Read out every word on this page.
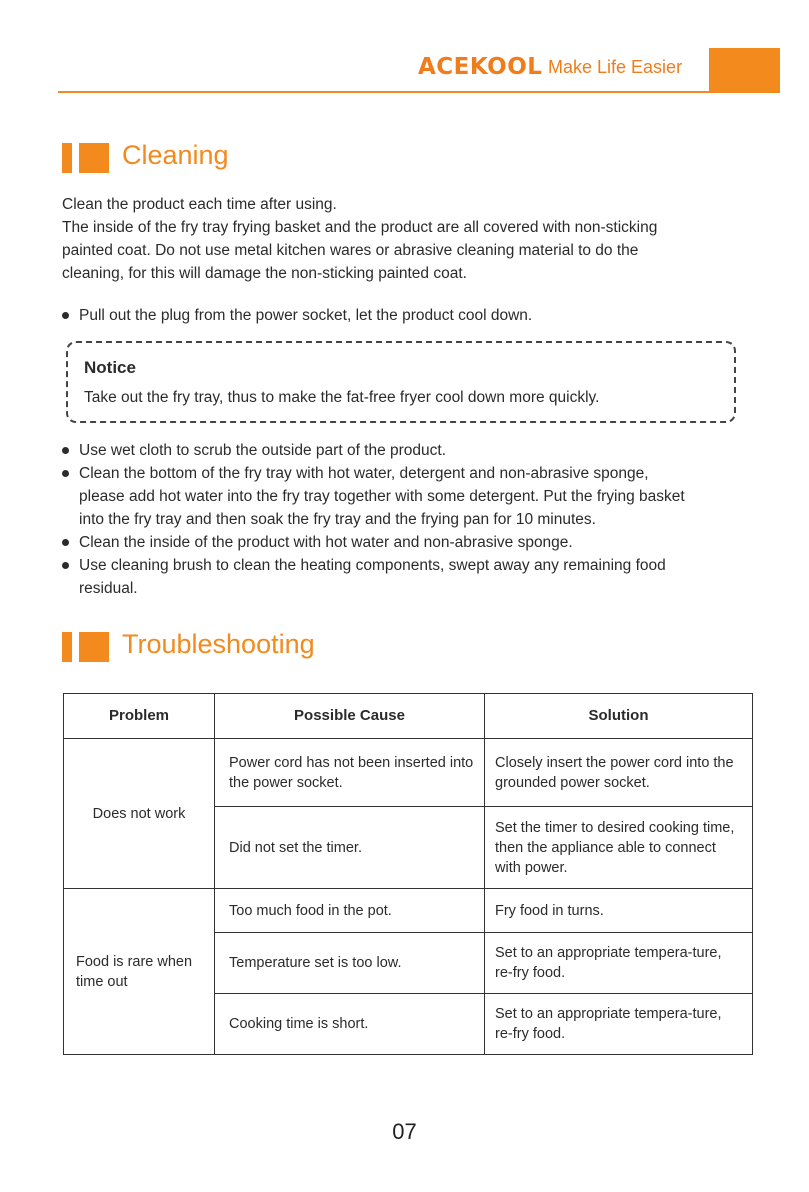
ACEKOOL Make Life Easier
Cleaning
Clean the product each time after using.
The inside of the fry tray frying basket and the product are all covered with non-sticking
painted coat. Do not use metal kitchen wares or abrasive cleaning material to do the
cleaning, for this will damage the non-sticking painted coat.
Pull out the plug from the power socket, let the product cool down.
Notice
Take out the fry tray, thus to make the fat-free fryer cool down more quickly.
Use wet cloth to scrub the outside part of the product.
Clean the bottom of the fry tray with hot water, detergent and non-abrasive sponge,
please add hot water into the fry tray together with some detergent. Put the frying basket
into the fry tray and then soak the fry tray and the frying pan for 10 minutes.
Clean the inside of the product with hot water and non-abrasive sponge.
Use cleaning brush to clean the heating components, swept away any remaining food
residual.
Troubleshooting
Problem	Possible Cause	Solution
Does not work	Power cord has not been inserted into the power socket.	Closely insert the power cord into the grounded power socket.
	Did not set the timer.	Set the timer to desired cooking time, then the appliance able to connect with power.
Food is rare when time out	Too much food in the pot.	Fry food in turns.
	Temperature set is too low.	Set to an appropriate tempera-ture, re-fry food.
	Cooking time is short.	Set to an appropriate tempera-ture, re-fry food.
07
